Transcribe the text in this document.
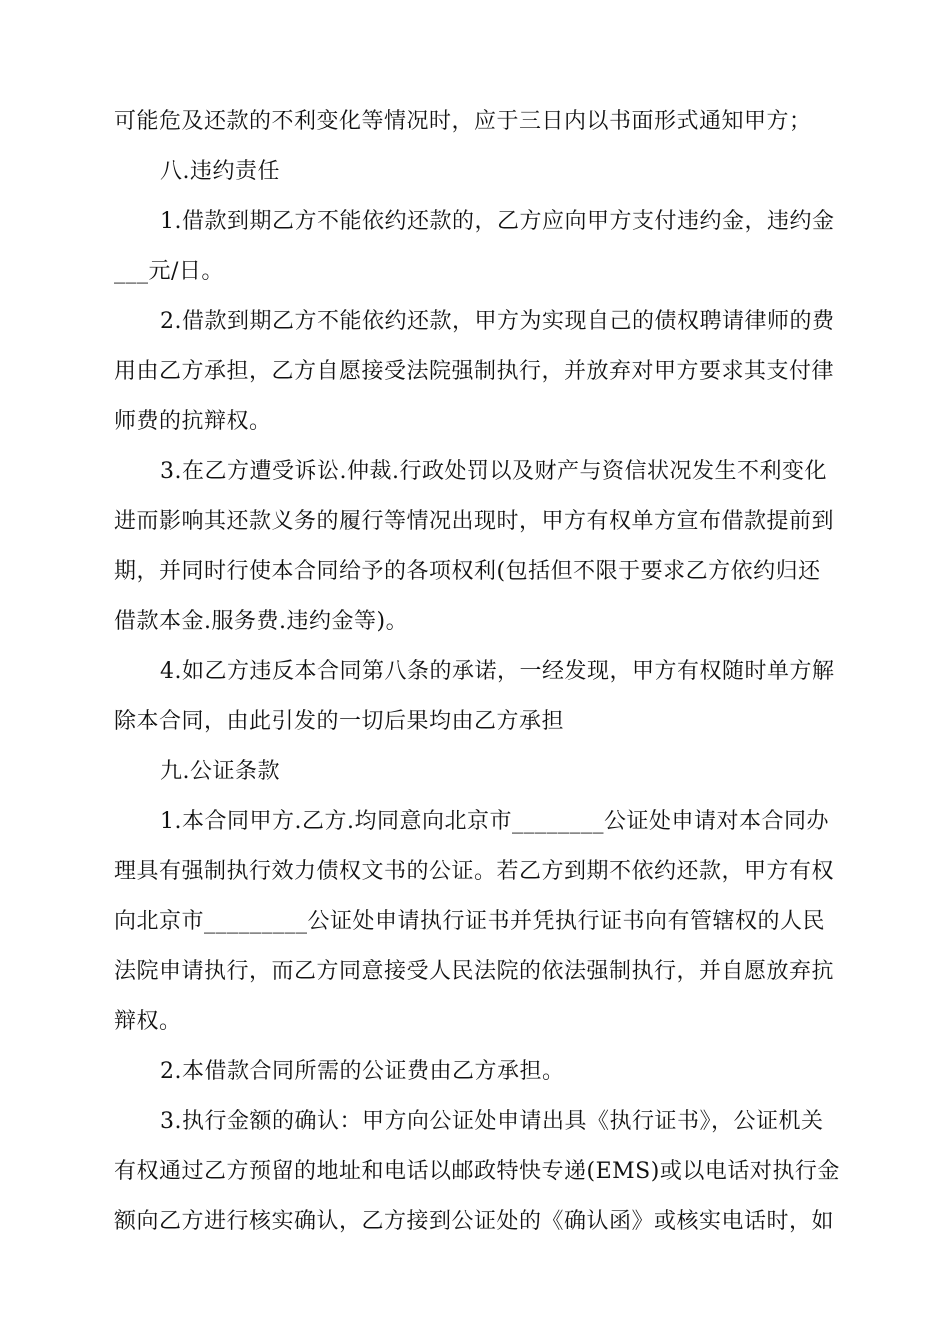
可能危及还款的不利变化等情况时，应于三日内以书面形式通知甲方；
八.违约责任
1.借款到期乙方不能依约还款的，乙方应向甲方支付违约金，违约金
___元/日。
2.借款到期乙方不能依约还款，甲方为实现自己的债权聘请律师的费
用由乙方承担，乙方自愿接受法院强制执行，并放弃对甲方要求其支付律
师费的抗辩权。
3.在乙方遭受诉讼.仲裁.行政处罚以及财产与资信状况发生不利变化
进而影响其还款义务的履行等情况出现时，甲方有权单方宣布借款提前到
期，并同时行使本合同给予的各项权利(包括但不限于要求乙方依约归还
借款本金.服务费.违约金等)。
4.如乙方违反本合同第八条的承诺，一经发现，甲方有权随时单方解
除本合同，由此引发的一切后果均由乙方承担
九.公证条款
1.本合同甲方.乙方.均同意向北京市________公证处申请对本合同办
理具有强制执行效力债权文书的公证。若乙方到期不依约还款，甲方有权
向北京市_________公证处申请执行证书并凭执行证书向有管辖权的人民
法院申请执行，而乙方同意接受人民法院的依法强制执行，并自愿放弃抗
辩权。
2.本借款合同所需的公证费由乙方承担。
3.执行金额的确认：甲方向公证处申请出具《执行证书》，公证机关
有权通过乙方预留的地址和电话以邮政特快专递(EMS)或以电话对执行金
额向乙方进行核实确认，乙方接到公证处的《确认函》或核实电话时，如
